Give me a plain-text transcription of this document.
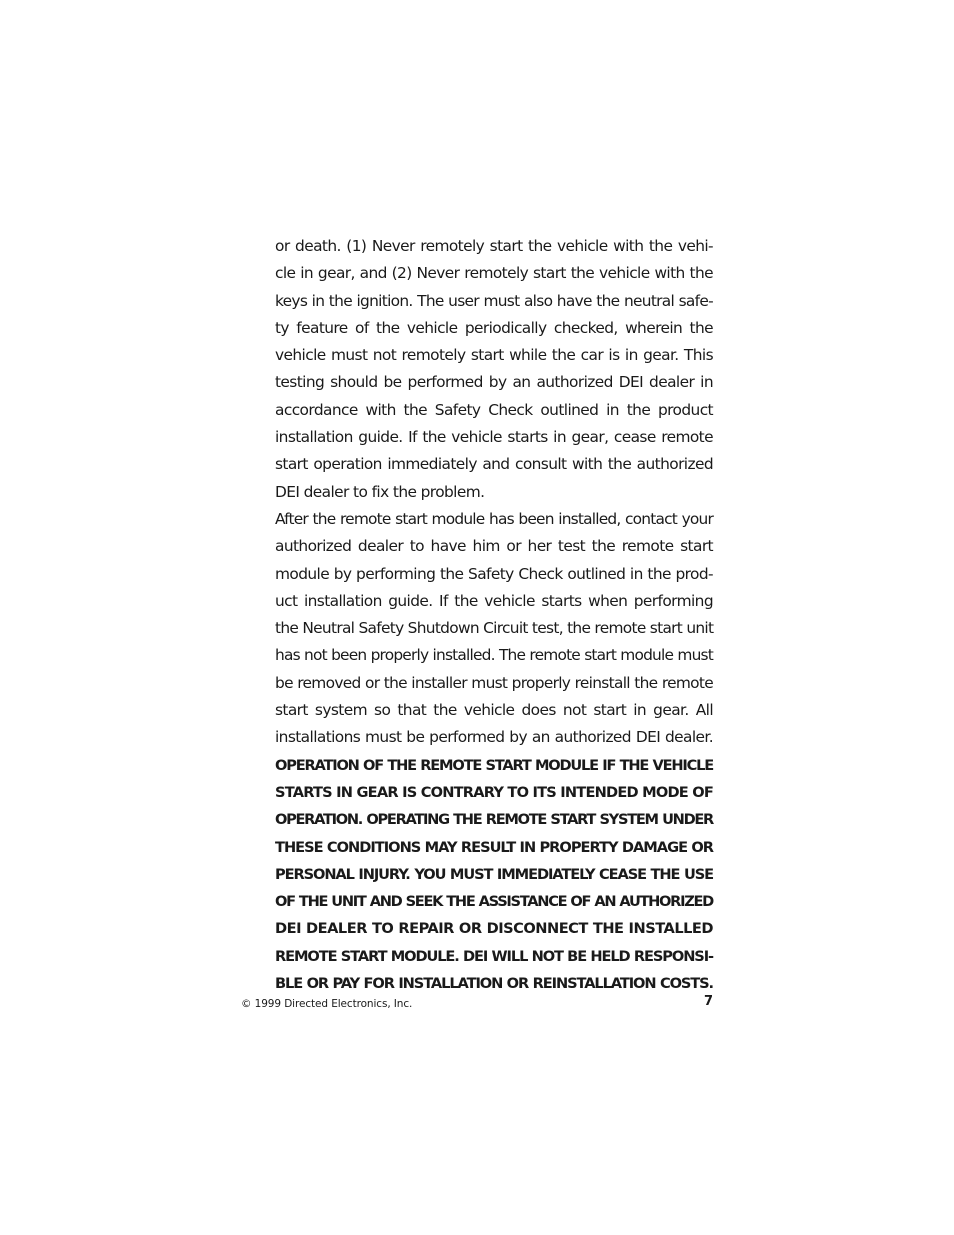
or death. (1) Never remotely start the vehicle with the vehi-
cle in gear, and (2) Never remotely start the vehicle with the
keys in the ignition. The user must also have the neutral safe-
ty feature of the vehicle periodically checked, wherein the
vehicle must not remotely start while the car is in gear. This
testing should be performed by an authorized DEI dealer in
accordance with the Safety Check outlined in the product
installation guide. If the vehicle starts in gear, cease remote
start operation immediately and consult with the authorized
DEI dealer to fix the problem.
After the remote start module has been installed, contact your
authorized dealer to have him or her test the remote start
module by performing the Safety Check outlined in the prod-
uct installation guide. If the vehicle starts when performing
the Neutral Safety Shutdown Circuit test, the remote start unit
has not been properly installed. The remote start module must
be removed or the installer must properly reinstall the remote
start system so that the vehicle does not start in gear. All
installations must be performed by an authorized DEI dealer.
OPERATION OF THE REMOTE START MODULE IF THE VEHICLE
STARTS IN GEAR IS CONTRARY TO ITS INTENDED MODE OF
OPERATION. OPERATING THE REMOTE START SYSTEM UNDER
THESE CONDITIONS MAY RESULT IN PROPERTY DAMAGE OR
PERSONAL INJURY. YOU MUST IMMEDIATELY CEASE THE USE
OF THE UNIT AND SEEK THE ASSISTANCE OF AN AUTHORIZED
DEI DEALER TO REPAIR OR DISCONNECT THE INSTALLED
REMOTE START MODULE. DEI WILL NOT BE HELD RESPONSI-
BLE OR PAY FOR INSTALLATION OR REINSTALLATION COSTS.
© 1999 Directed Electronics, Inc.	7
